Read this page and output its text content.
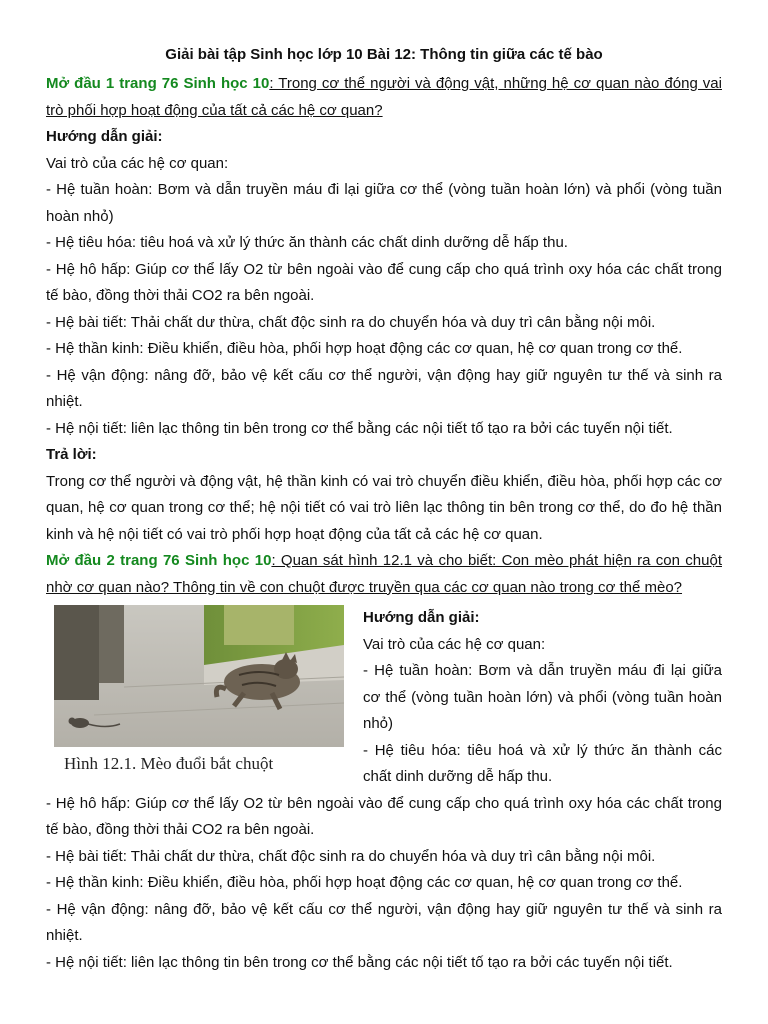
Giải bài tập Sinh học lớp 10 Bài 12: Thông tin giữa các tế bào

Mở đầu 1 trang 76 Sinh học 10: Trong cơ thể người và động vật, những hệ cơ quan nào đóng vai trò phối hợp hoạt động của tất cả các hệ cơ quan?

Hướng dẫn giải:

Vai trò của các hệ cơ quan:

- Hệ tuần hoàn: Bơm và dẫn truyền máu đi lại giữa cơ thể (vòng tuần hoàn lớn) và phổi (vòng tuần hoàn nhỏ)

- Hệ tiêu hóa: tiêu hoá và xử lý thức ăn thành các chất dinh dưỡng dễ hấp thu.

- Hệ hô hấp: Giúp cơ thể lấy O2 từ bên ngoài vào để cung cấp cho quá trình oxy hóa các chất trong tế bào, đồng thời thải CO2 ra bên ngoài.

- Hệ bài tiết: Thải chất dư thừa, chất độc sinh ra do chuyển hóa và duy trì cân bằng nội môi.

- Hệ thần kinh: Điều khiển, điều hòa, phối hợp hoạt động các cơ quan, hệ cơ quan trong cơ thể.

- Hệ vận động: nâng đỡ, bảo vệ kết cấu cơ thể người, vận động hay giữ nguyên tư thế và sinh ra nhiệt.

- Hệ nội tiết: liên lạc thông tin bên trong cơ thể bằng các nội tiết tố tạo ra bởi các tuyến nội tiết.

Trả lời:

Trong cơ thể người và động vật, hệ thần kinh có vai trò chuyển điều khiển, điều hòa, phối hợp các cơ quan, hệ cơ quan trong cơ thể; hệ nội tiết có vai trò liên lạc thông tin bên trong cơ thể, do đo hệ thần kinh và hệ nội tiết có vai trò phối hợp hoạt động của tất cả các hệ cơ quan.

Mở đầu 2 trang 76 Sinh học 10: Quan sát hình 12.1 và cho biết: Con mèo phát hiện ra con chuột nhờ cơ quan nào? Thông tin về con chuột được truyền qua các cơ quan nào trong cơ thể mèo?

Hình 12.1. Mèo đuổi bắt chuột

Hướng dẫn giải:

Vai trò của các hệ cơ quan:

- Hệ tuần hoàn: Bơm và dẫn truyền máu đi lại giữa cơ thể (vòng tuần hoàn lớn) và phổi (vòng tuần hoàn nhỏ)

- Hệ tiêu hóa: tiêu hoá và xử lý thức ăn thành các chất dinh dưỡng dễ hấp thu.

- Hệ hô hấp: Giúp cơ thể lấy O2 từ bên ngoài vào để cung cấp cho quá trình oxy hóa các chất trong tế bào, đồng thời thải CO2 ra bên ngoài.

- Hệ bài tiết: Thải chất dư thừa, chất độc sinh ra do chuyển hóa và duy trì cân bằng nội môi.

- Hệ thần kinh: Điều khiển, điều hòa, phối hợp hoạt động các cơ quan, hệ cơ quan trong cơ thể.

- Hệ vận động: nâng đỡ, bảo vệ kết cấu cơ thể người, vận động hay giữ nguyên tư thế và sinh ra nhiệt.

- Hệ nội tiết: liên lạc thông tin bên trong cơ thể bằng các nội tiết tố tạo ra bởi các tuyến nội tiết.
